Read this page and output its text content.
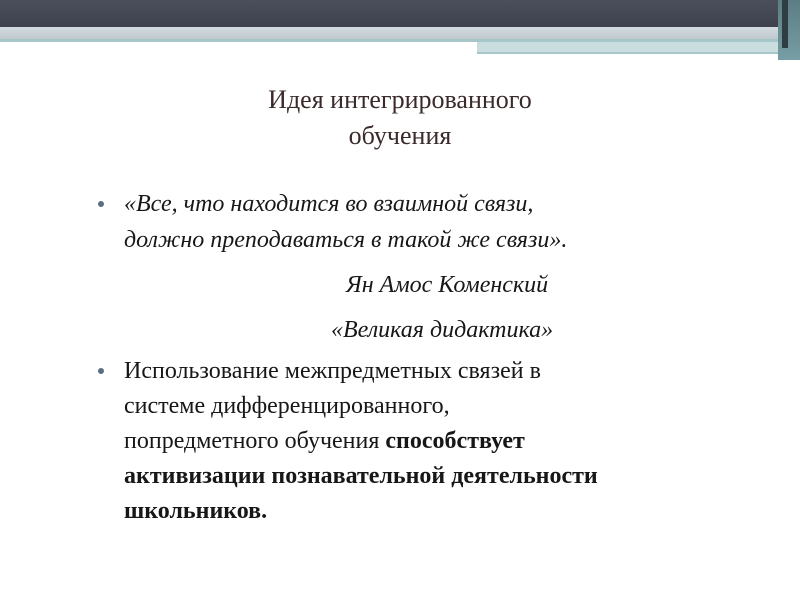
Идея интегрированного
обучения
«Все, что находится во взаимной связи,
должно преподаваться в такой же связи».
Ян Амос Коменский
«Великая дидактика»
Использование межпредметных связей в
системе дифференцированного,
попредметного обучения способствует
активизации познавательной деятельности
школьников.
